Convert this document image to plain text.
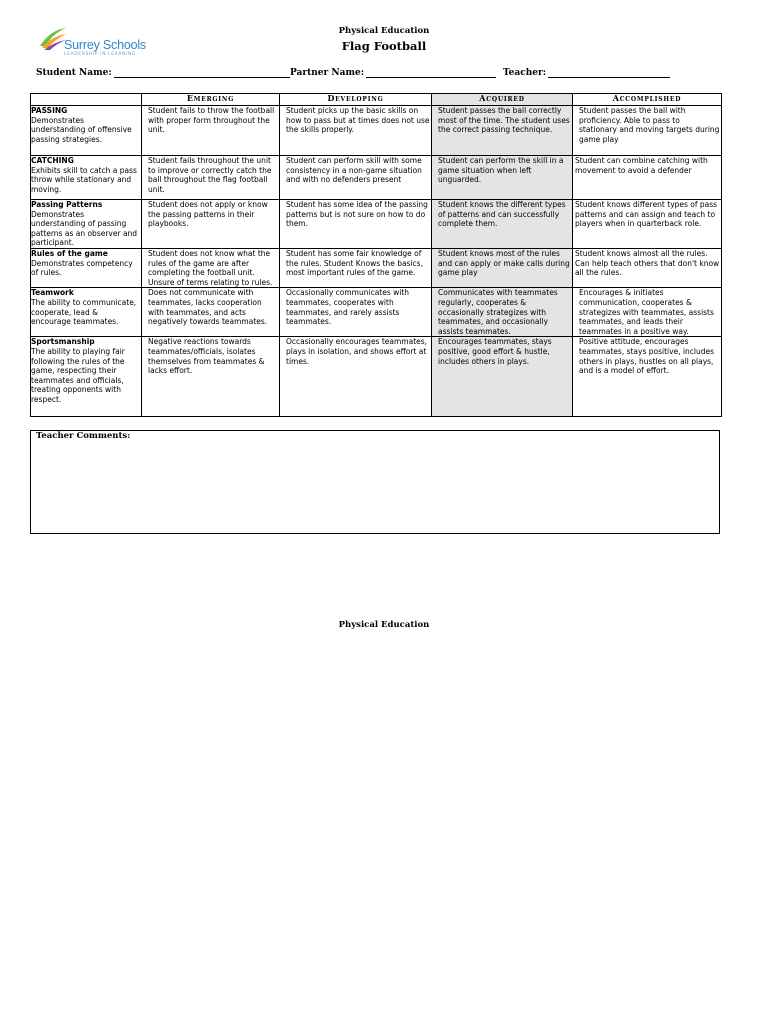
Surrey Schools
LEADERSHIP IN LEARNING
Physical Education
Flag Football
Student Name:	Partner Name:	Teacher:
	Emerging	Developing	Acquired	Accomplished

PASSING
Demonstrates understanding of offensive passing strategies.	Student fails to throw the football with proper form throughout the unit.	Student picks up the basic skills on how to pass but at times does not use the skills properly.	Student passes the ball correctly most of the time. The student uses the correct passing technique.	Student passes the ball with proficiency. Able to pass to stationary and moving targets during game play

CATCHING
Exhibits skill to catch a pass throw while stationary and moving.	Student fails throughout the unit to improve or correctly catch the ball throughout the flag football unit.	Student can perform skill with some consistency in a non-game situation and with no defenders present	Student can perform the skill in a game situation when left unguarded.	Student can combine catching with movement to avoid a defender

Passing Patterns
Demonstrates understanding of passing patterns as an observer and participant.	Student does not apply or know the passing patterns in their playbooks.	Student has some idea of the passing patterns but is not sure on how to do them.	Student knows the different types of patterns and can successfully complete them.	Student knows different types of pass patterns and can assign and teach to players when in quarterback role.

Rules of the game
Demonstrates competency of rules.	Student does not know what the rules of the game are after completing the football unit. Unsure of terms relating to rules.	Student has some fair knowledge of the rules. Student Knows the basics, most important rules of the game.	Student knows most of the rules and can apply or make calls during game play	Student knows almost all the rules. Can help teach others that don't know all the rules.

Teamwork
The ability to communicate, cooperate, lead & encourage teammates.	Does not communicate with teammates, lacks cooperation with teammates, and acts negatively towards teammates.	Occasionally communicates with teammates, cooperates with teammates, and rarely assists teammates.	Communicates with teammates regularly, cooperates & occasionally strategizes with teammates, and occasionally assists teammates.	Encourages & initiates communication, cooperates & strategizes with teammates, assists teammates, and leads their teammates in a positive way.

Sportsmanship
The ability to playing fair following the rules of the game, respecting their teammates and officials, treating opponents with respect.	Negative reactions towards teammates/officials, isolates themselves from teammates & lacks effort.	Occasionally encourages teammates, plays in isolation, and shows effort at times.	Encourages teammates, stays positive, good effort & hustle, includes others in plays.	Positive attitude, encourages teammates, stays positive, includes others in plays, hustles on all plays, and is a model of effort.
Teacher Comments:
Physical Education
